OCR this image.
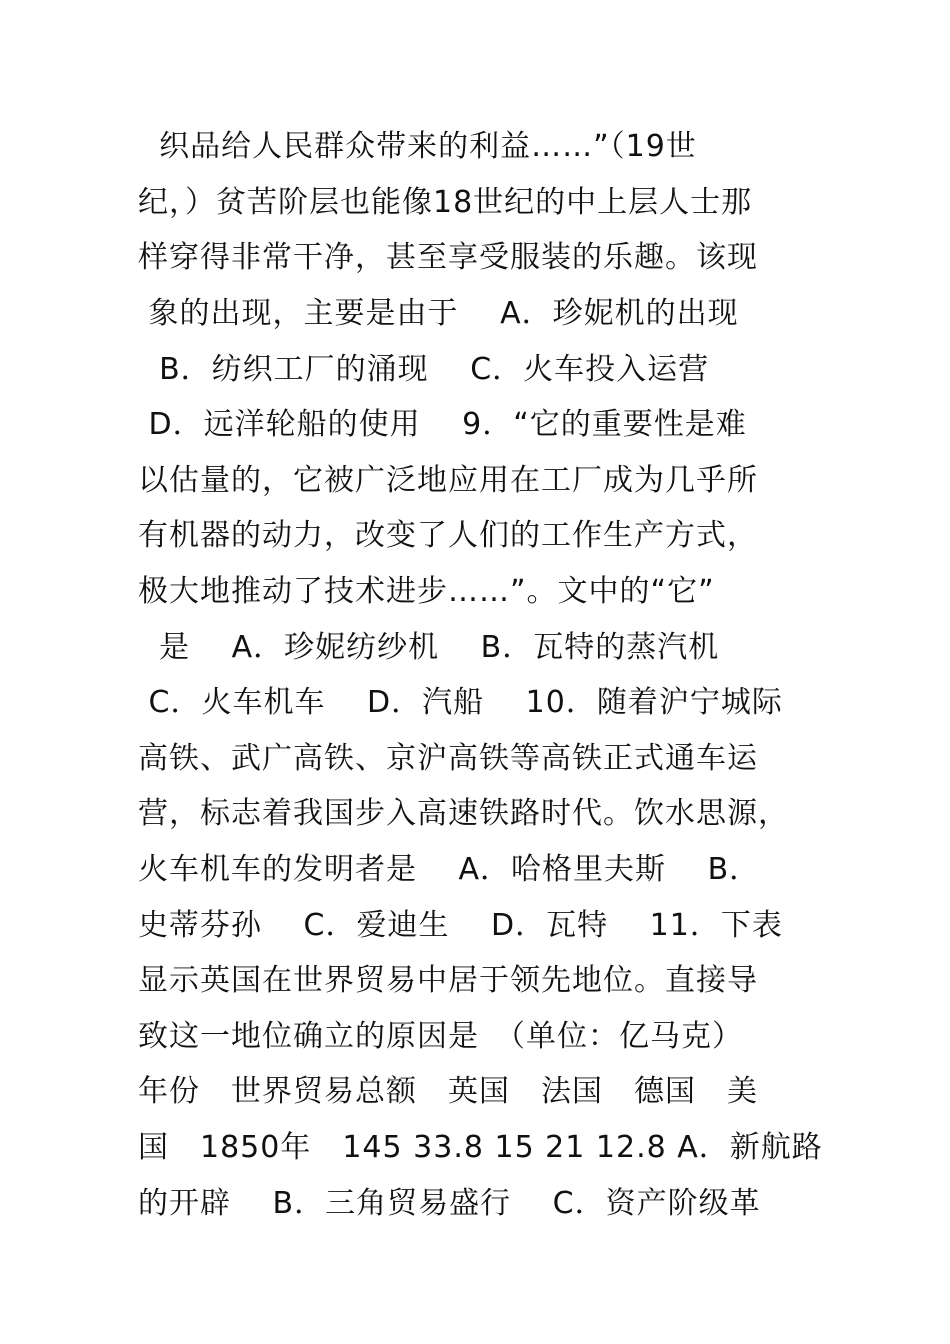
织品给人民群众带来的利益……”（19世
纪，）贫苦阶层也能像18世纪的中上层人士那
样穿得非常干净，甚至享受服装的乐趣。该现
象的出现，主要是由于　 A．珍妮机的出现
B．纺织工厂的涌现　 C．火车投入运营
D．远洋轮船的使用　 9．“它的重要性是难
以估量的，它被广泛地应用在工厂成为几乎所
有机器的动力，改变了人们的工作生产方式，
极大地推动了技术进步……”。文中的“它”
是　 A．珍妮纺纱机　 B．瓦特的蒸汽机
C．火车机车　 D．汽船　 10．随着沪宁城际
高铁、武广高铁、京沪高铁等高铁正式通车运
营，标志着我国步入高速铁路时代。饮水思源，
火车机车的发明者是　 A．哈格里夫斯　 B．
史蒂芬孙　 C．爱迪生　 D．瓦特　 11．下表
显示英国在世界贸易中居于领先地位。直接导
致这一地位确立的原因是　（单位：亿马克）
年份　世界贸易总额　英国　法国　德国　美
国　1850年　145 33.8 15 21 12.8 A．新航路
的开辟　 B．三角贸易盛行　 C．资产阶级革
